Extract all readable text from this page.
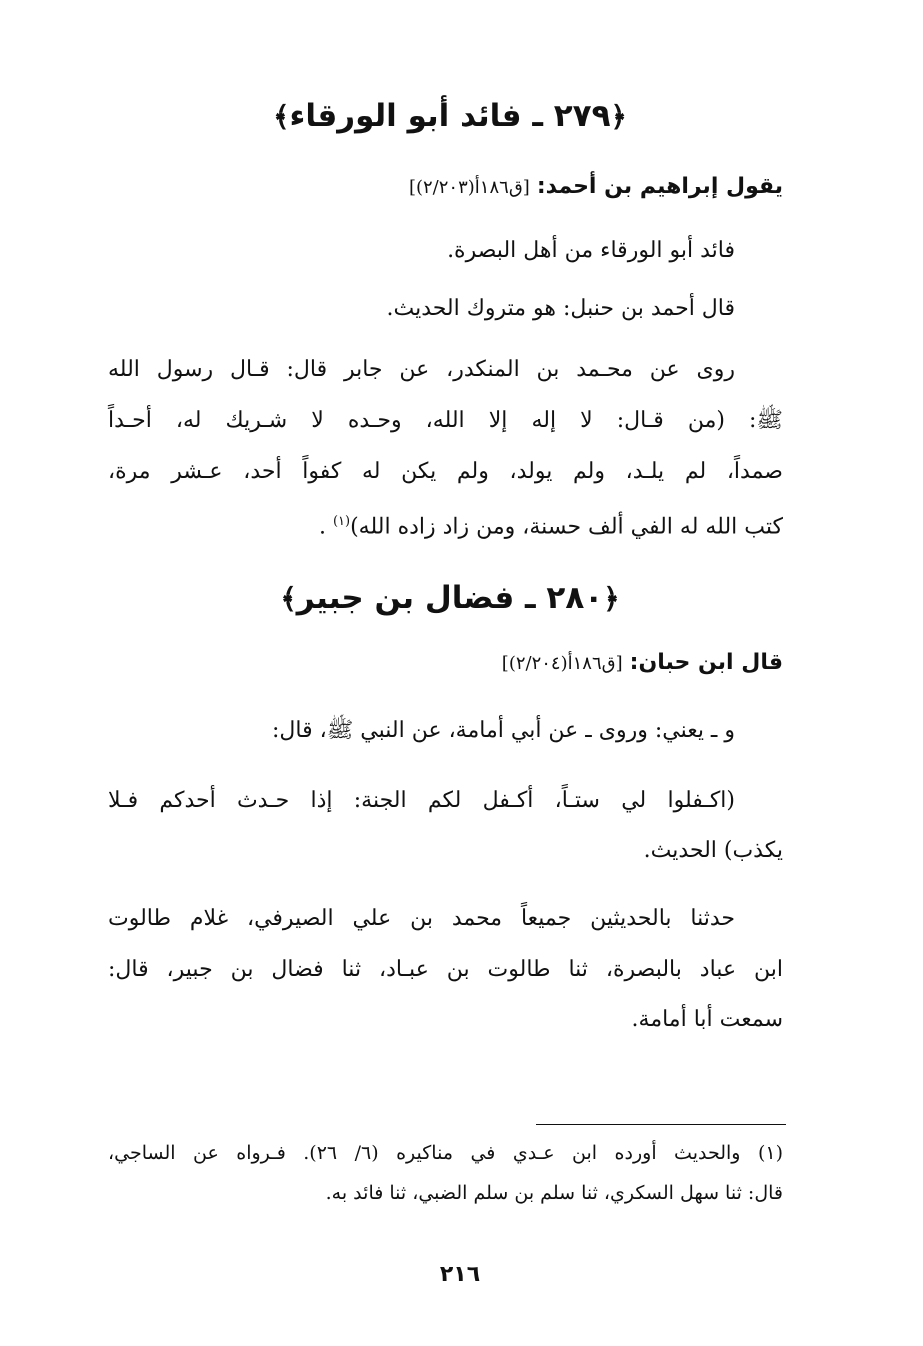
﴿٢٧٩ ـ فائد أبو الورقاء﴾
يقول إبراهيم بن أحمد: [ق١٨٦أ(٢/٢٠٣)]
فائد أبو الورقاء من أهل البصرة.
قال أحمد بن حنبل: هو متروك الحديث.
روى عن محـمد بن المنكدر، عن جابر قال: قـال رسول الله
ﷺ: (من قـال: لا إله إلا الله، وحـده لا شـريك له، أحـداً
صمداً، لم يلـد، ولم يولد، ولم يكن له كفواً أحد، عـشر مرة،
كتب الله له الفي ألف حسنة، ومن زاد زاده الله)$^{(١)}$ .
﴿٢٨٠ ـ فضال بن جبير﴾
قال ابن حبان: [ق١٨٦أ(٢/٢٠٤)]
و ـ يعني: وروى ـ عن أبي أمامة، عن النبي ﷺ، قال:
(اكـفلوا لي ستـاً، أكـفل لكم الجنة: إذا حـدث أحدكم فـلا
يكذب) الحديث.
حدثنا بالحديثين جميعاً محمد بن علي الصيرفي، غلام طالوت
ابن عباد بالبصرة، ثنا طالوت بن عبـاد، ثنا فضال بن جبير، قال:
سمعت أبا أمامة.
(١) والحديث أورده ابن عـدي في مناكيره (٦/ ٢٦). فـرواه عن الساجي،
قال: ثنا سهل السكري، ثنا سلم بن سلم الضبي، ثنا فائد به.
٢١٦
